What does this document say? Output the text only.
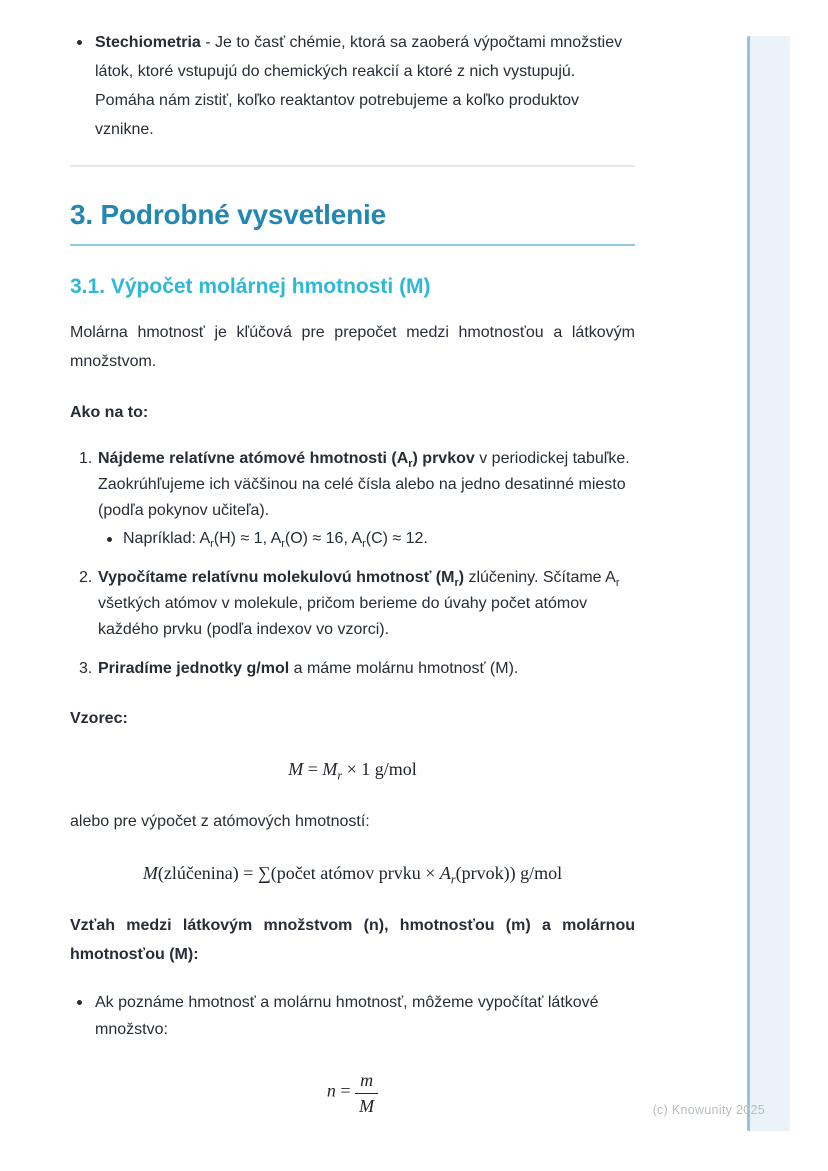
Stechiometria - Je to časť chémie, ktorá sa zaoberá výpočtami množstiev látok, ktoré vstupujú do chemických reakcií a ktoré z nich vystupujú. Pomáha nám zistiť, koľko reaktantov potrebujeme a koľko produktov vznikne.
3. Podrobné vysvetlenie
3.1. Výpočet molárnej hmotnosti (M)

Molárna hmotnosť je kľúčová pre prepočet medzi hmotnosťou a látkovým množstvom.

Ako na to:

1. Nájdeme relatívne atómové hmotnosti $(A_r)$ prvkov v periodickej tabuľke. Zaokrúhľujeme ich väčšinou na celé čísla alebo na jedno desatinné miesto (podľa pokynov učiteľa).
Napríklad: $A_r(H) \approx 1$, $A_r(O) \approx 16$, $A_r(C) \approx 12$.
2. Vypočítame relatívnu molekulovú hmotnosť $(M_r)$ zlúčeniny. Sčítame $A_r$ všetkých atómov v molekule, pričom berieme do úvahy počet atómov každého prvku (podľa indexov vo vzorci).
3. Priradíme jednotky g/mol a máme molárnu hmotnosť (M).

Vzorec:

$M = M_r \times 1$ g/mol

alebo pre výpočet z atómových hmotností:

M(zlúčenina) = ∑(počet atómov prvku × $A_r(prvok)$) g/mol

Vzťah medzi látkovým množstvom (n), hmotnosťou (m) a molárnou hmotnosťou (M):

Ak poznáme hmotnosť a molárnu hmotnosť, môžeme vypočítať látkové množstvo:
$n = \frac{m}{M}$	(c) Knowunity 2025
